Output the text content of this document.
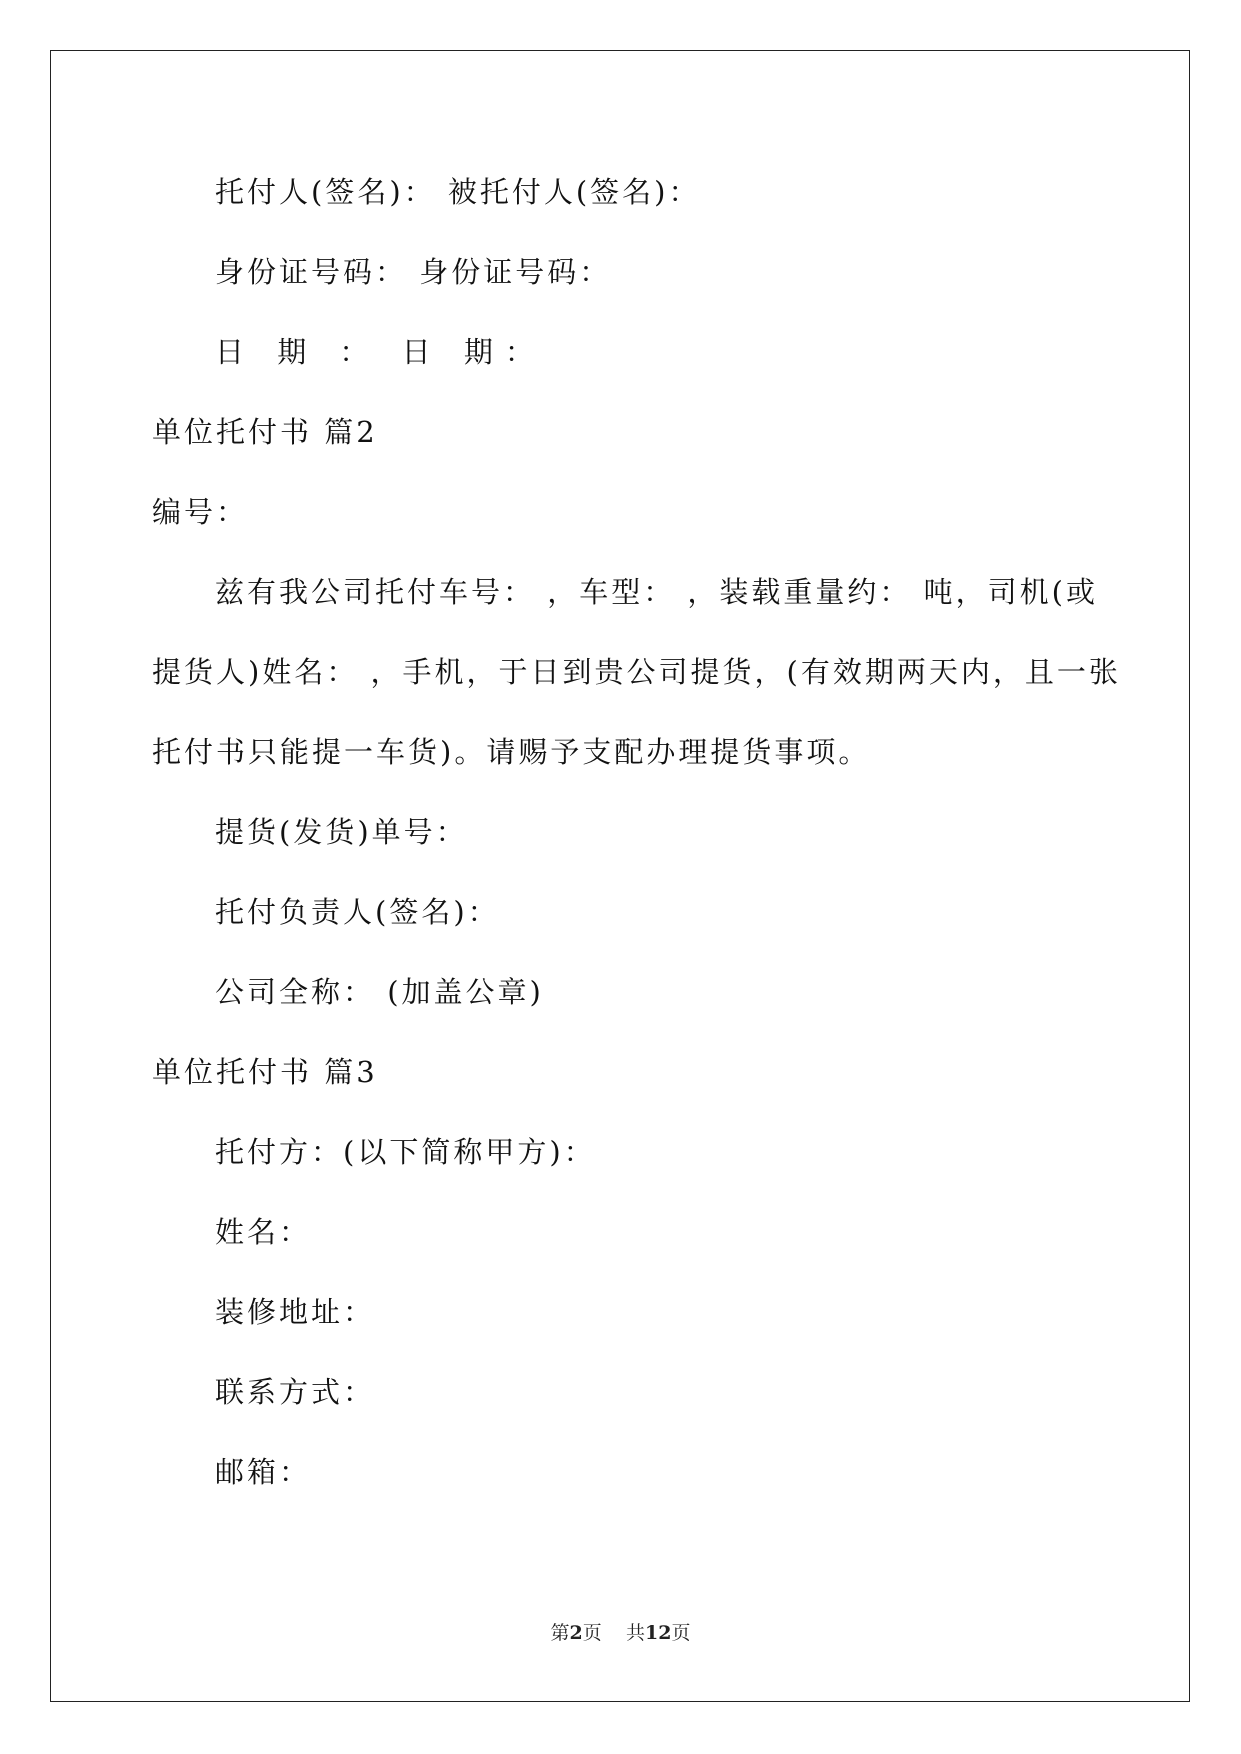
托付人(签名)： 被托付人(签名)：
身份证号码： 身份证号码：
日 期 ： 日 期：
单位托付书 篇2
编号：
兹有我公司托付车号： ，车型： ，装载重量约： 吨，司机(或
提货人)姓名： ，手机，于日到贵公司提货，(有效期两天内，且一张
托付书只能提一车货)。请赐予支配办理提货事项。
提货(发货)单号：
托付负责人(签名)：
公司全称： (加盖公章)
单位托付书 篇3
托付方：(以下简称甲方)：
姓名：
装修地址：
联系方式：
邮箱：
第2页 共12页
